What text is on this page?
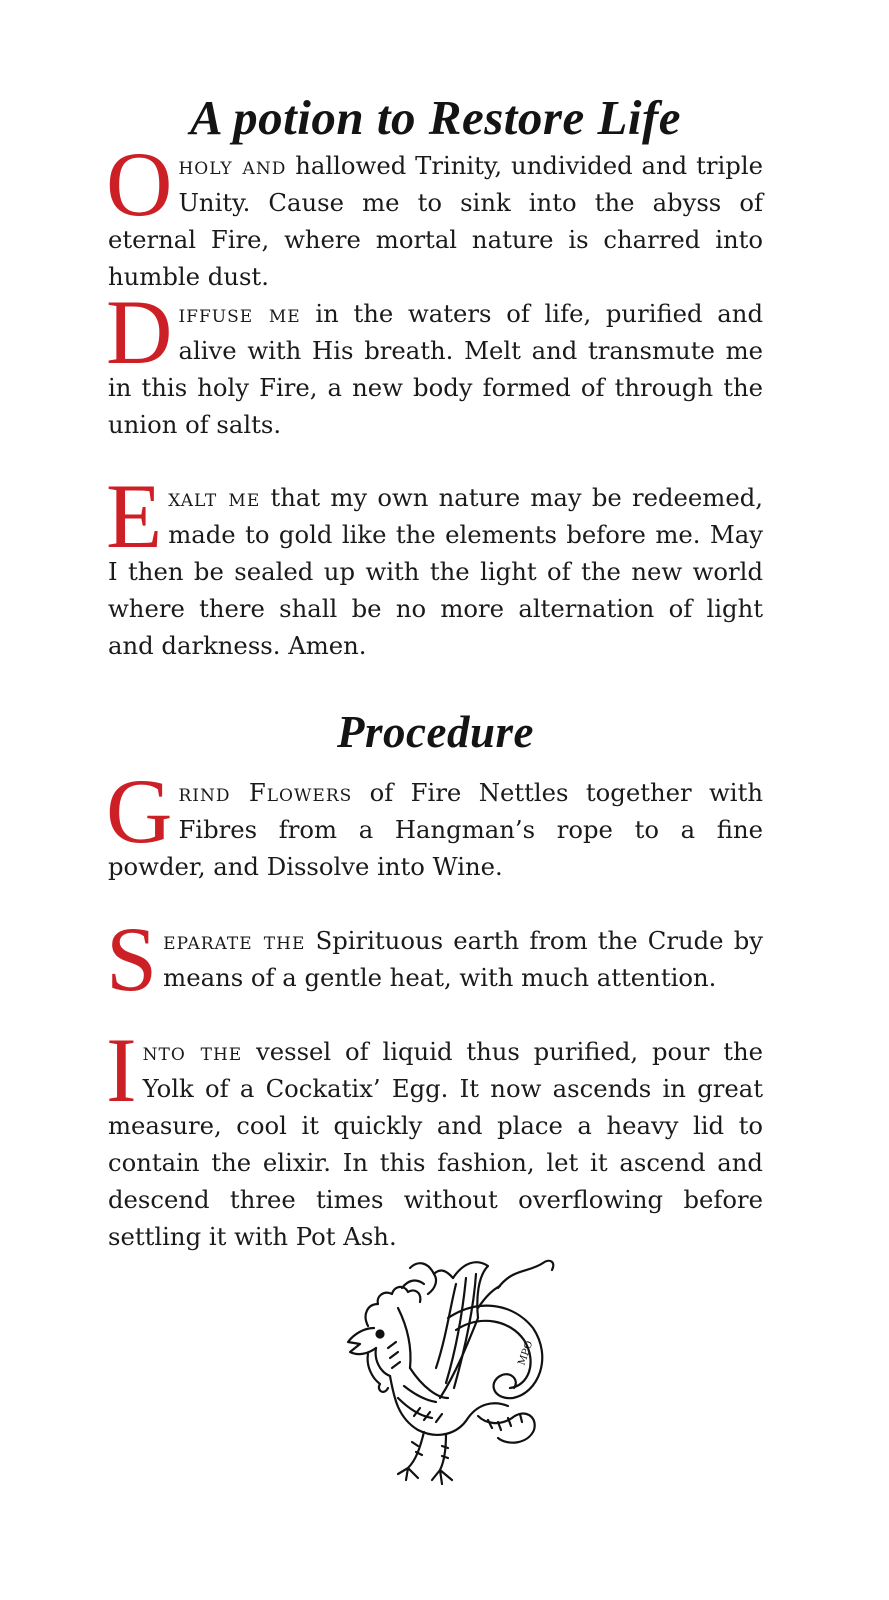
A potion to Restore Life

Oholy and hallowed Trinity, undivided and triple Unity. Cause me to sink into the abyss of eternal Fire, where mortal nature is charred into humble dust.

Diffuse me in the waters of life, purified and alive with His breath. Melt and transmute me in this holy Fire, a new body formed of through the union of salts.

Exalt me that my own nature may be redeemed, made to gold like the elements before me. May I then be sealed up with the light of the new world where there shall be no more alternation of light and darkness. Amen.

Procedure

Grind Flowers of Fire Nettles together with Fibres from a Hangman’s rope to a fine powder, and Dissolve into Wine.

Separate the Spirituous earth from the Crude by means of a gentle heat, with much attention.

Into the vessel of liquid thus purified, pour the Yolk of a Cockatix’ Egg. It now ascends in great measure, cool it quickly and place a heavy lid to contain the elixir. In this fashion, let it ascend and descend three times without overflowing before settling it with Pot Ash.

MPO
